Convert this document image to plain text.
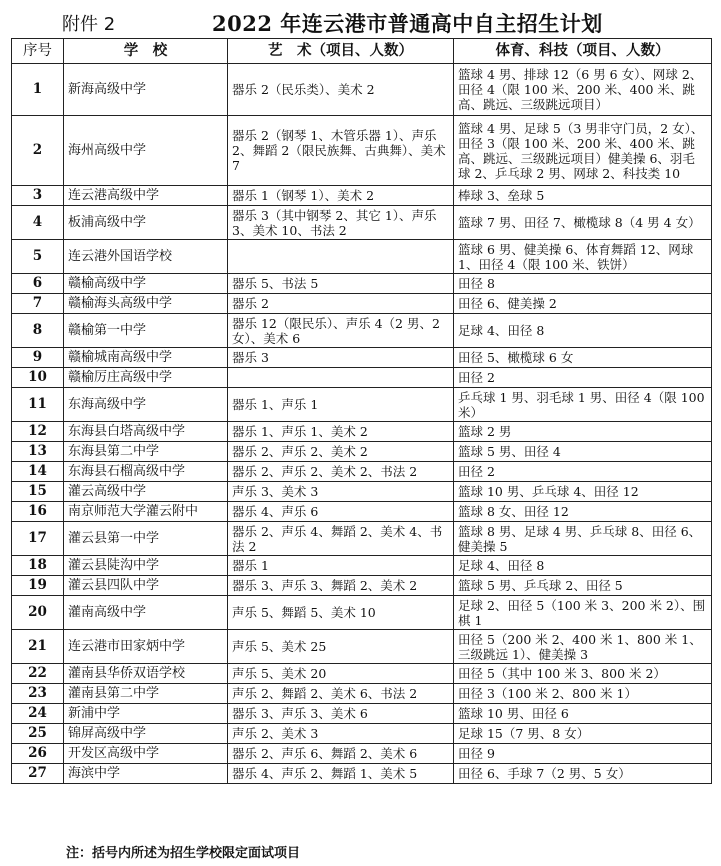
附件 2	2022 年连云港市普通高中自主招生计划
序号	学　校	艺　术（项目、人数）	体育、科技（项目、人数）
1	新海高级中学	器乐 2（民乐类）、美术 2	篮球 4 男、排球 12（6 男 6 女）、网球 2、田径 4（限 100 米、200 米、400 米、跳高、跳远、三级跳远项目）
2	海州高级中学	器乐 2（钢琴 1、木管乐器 1）、声乐 2、舞蹈 2（限民族舞、古典舞）、美术 7	篮球 4 男、足球 5（3 男非守门员，2 女）、田径 3（限 100 米、200 米、400 米、跳高、跳远、三级跳远项目）健美操 6、羽毛球 2、乒乓球 2 男、网球 2、科技类 10
3	连云港高级中学	器乐 1（钢琴 1）、美术 2	棒球 3、垒球 5
4	板浦高级中学	器乐 3（其中钢琴 2、其它 1）、声乐 3、美术 10、书法 2	篮球 7 男、田径 7、橄榄球 8（4 男 4 女）
5	连云港外国语学校		篮球 6 男、健美操 6、体育舞蹈 12、网球 1、田径 4（限 100 米、铁饼）
6	赣榆高级中学	器乐 5、书法 5	田径 8
7	赣榆海头高级中学	器乐 2	田径 6、健美操 2
8	赣榆第一中学	器乐 12（限民乐）、声乐 4（2 男、2 女）、美术 6	足球 4、田径 8
9	赣榆城南高级中学	器乐 3	田径 5、橄榄球 6 女
10	赣榆厉庄高级中学		田径 2
11	东海高级中学	器乐 1、声乐 1	乒乓球 1 男、羽毛球 1 男、田径 4（限 100 米）
12	东海县白塔高级中学	器乐 1、声乐 1、美术 2	篮球 2 男
13	东海县第二中学	器乐 2、声乐 2、美术 2	篮球 5 男、田径 4
14	东海县石榴高级中学	器乐 2、声乐 2、美术 2、书法 2	田径 2
15	灌云高级中学	声乐 3、美术 3	篮球 10 男、乒乓球 4、田径 12
16	南京师范大学灌云附中	器乐 4、声乐 6	篮球 8 女、田径 12
17	灌云县第一中学	器乐 2、声乐 4、舞蹈 2、美术 4、书法 2	篮球 8 男、足球 4 男、乒乓球 8、田径 6、健美操 5
18	灌云县陡沟中学	器乐 1	足球 4、田径 8
19	灌云县四队中学	器乐 3、声乐 3、舞蹈 2、美术 2	篮球 5 男、乒乓球 2、田径 5
20	灌南高级中学	声乐 5、舞蹈 5、美术 10	足球 2、田径 5（100 米 3、200 米 2）、围棋 1
21	连云港市田家炳中学	声乐 5、美术 25	田径 5（200 米 2、400 米 1、800 米 1、三级跳远 1）、健美操 3
22	灌南县华侨双语学校	声乐 5、美术 20	田径 5（其中 100 米 3、800 米 2）
23	灌南县第二中学	声乐 2、舞蹈 2、美术 6、书法 2	田径 3（100 米 2、800 米 1）
24	新浦中学	器乐 3、声乐 3、美术 6	篮球 10 男、田径 6
25	锦屏高级中学	声乐 2、美术 3	足球 15（7 男、8 女）
26	开发区高级中学	器乐 2、声乐 6、舞蹈 2、美术 6	田径 9
27	海滨中学	器乐 4、声乐 2、舞蹈 1、美术 5	田径 6、手球 7（2 男、5 女）
注：括号内所述为招生学校限定面试项目
